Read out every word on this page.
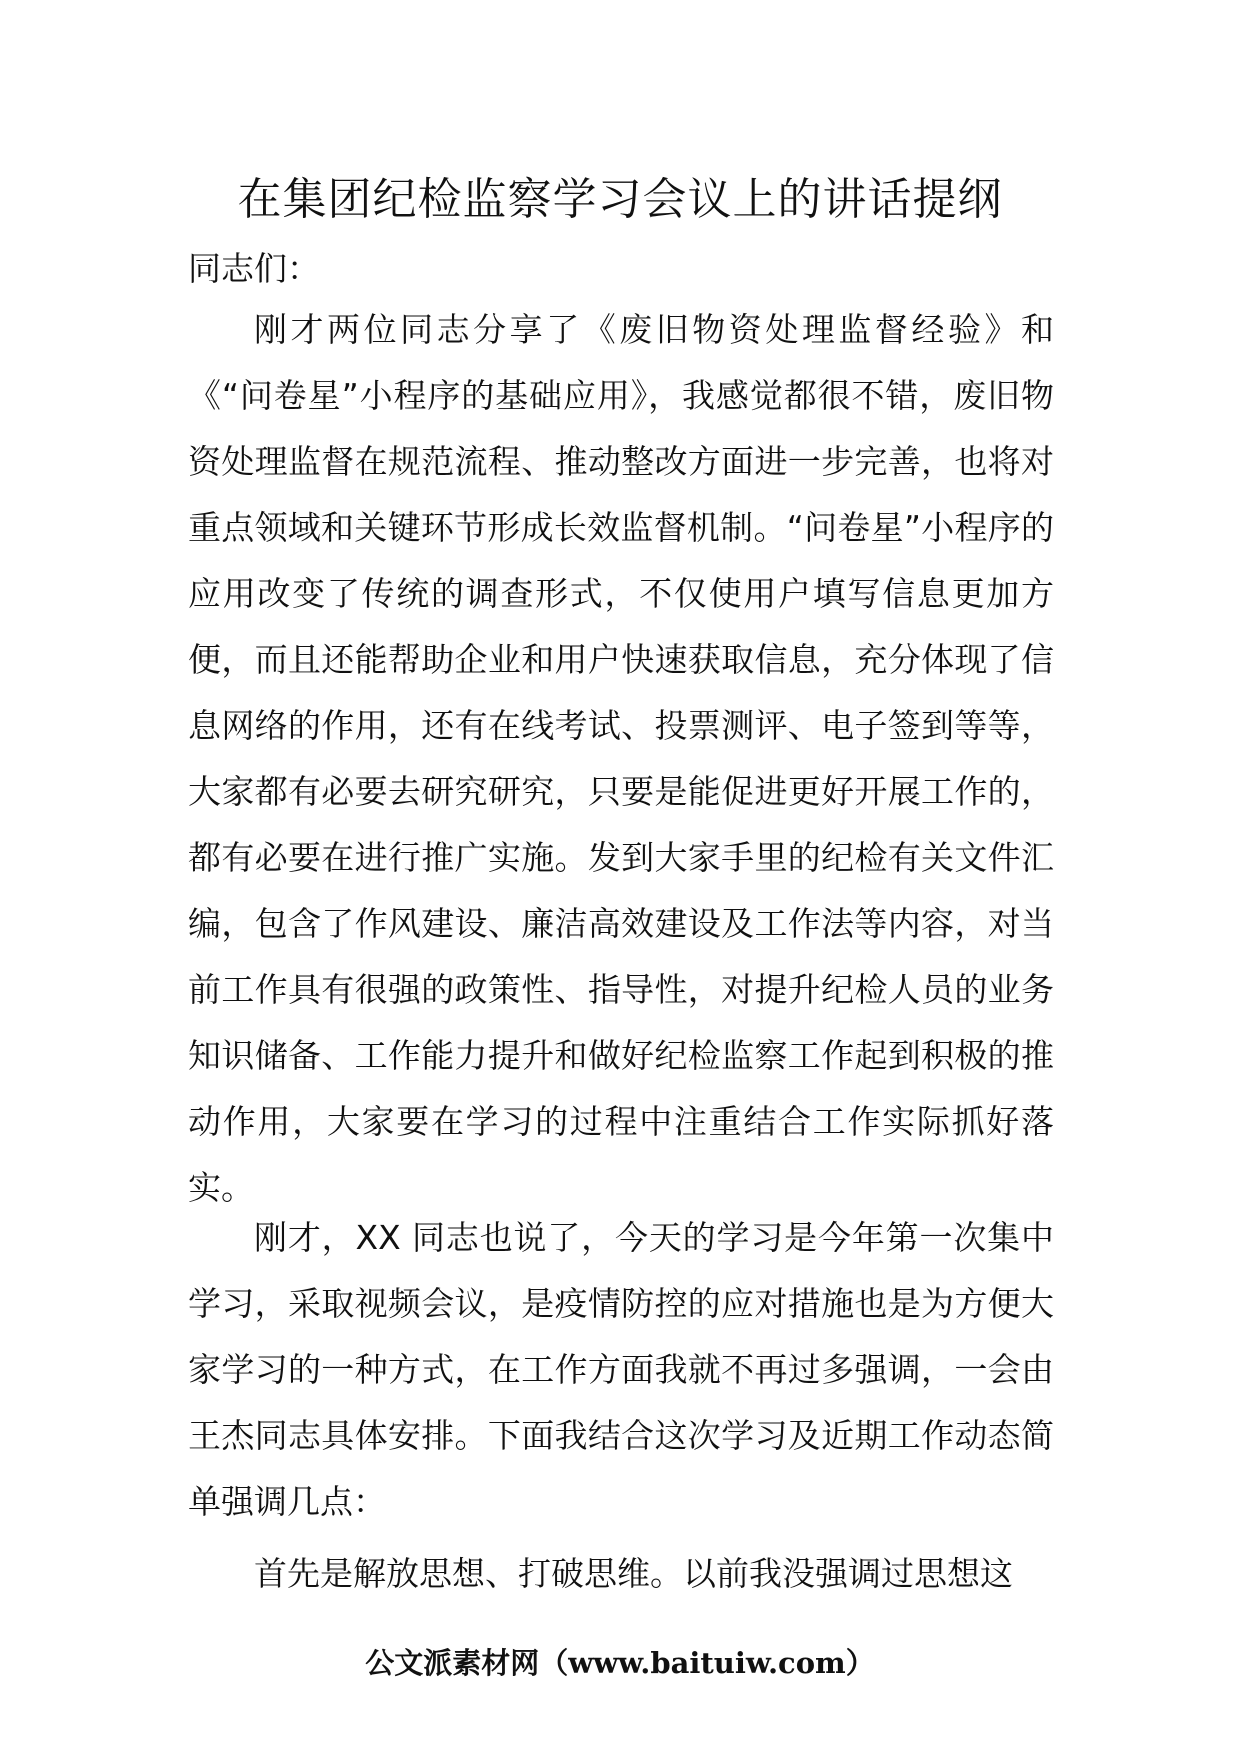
在集团纪检监察学习会议上的讲话提纲

同志们：

刚才两位同志分享了《废旧物资处理监督经验》和《“问卷星”小程序的基础应用》，我感觉都很不错，废旧物资处理监督在规范流程、推动整改方面进一步完善，也将对重点领域和关键环节形成长效监督机制。“问卷星”小程序的应用改变了传统的调查形式，不仅使用户填写信息更加方便，而且还能帮助企业和用户快速获取信息，充分体现了信息网络的作用，还有在线考试、投票测评、电子签到等等，大家都有必要去研究研究，只要是能促进更好开展工作的，都有必要在进行推广实施。发到大家手里的纪检有关文件汇编，包含了作风建设、廉洁高效建设及工作法等内容，对当前工作具有很强的政策性、指导性，对提升纪检人员的业务知识储备、工作能力提升和做好纪检监察工作起到积极的推动作用，大家要在学习的过程中注重结合工作实际抓好落实。

刚才，XX 同志也说了，今天的学习是今年第一次集中学习，采取视频会议，是疫情防控的应对措施也是为方便大家学习的一种方式，在工作方面我就不再过多强调，一会由王杰同志具体安排。下面我结合这次学习及近期工作动态简单强调几点：

首先是解放思想、打破思维。以前我没强调过思想这

公文派素材网（www.baituiw.com）
